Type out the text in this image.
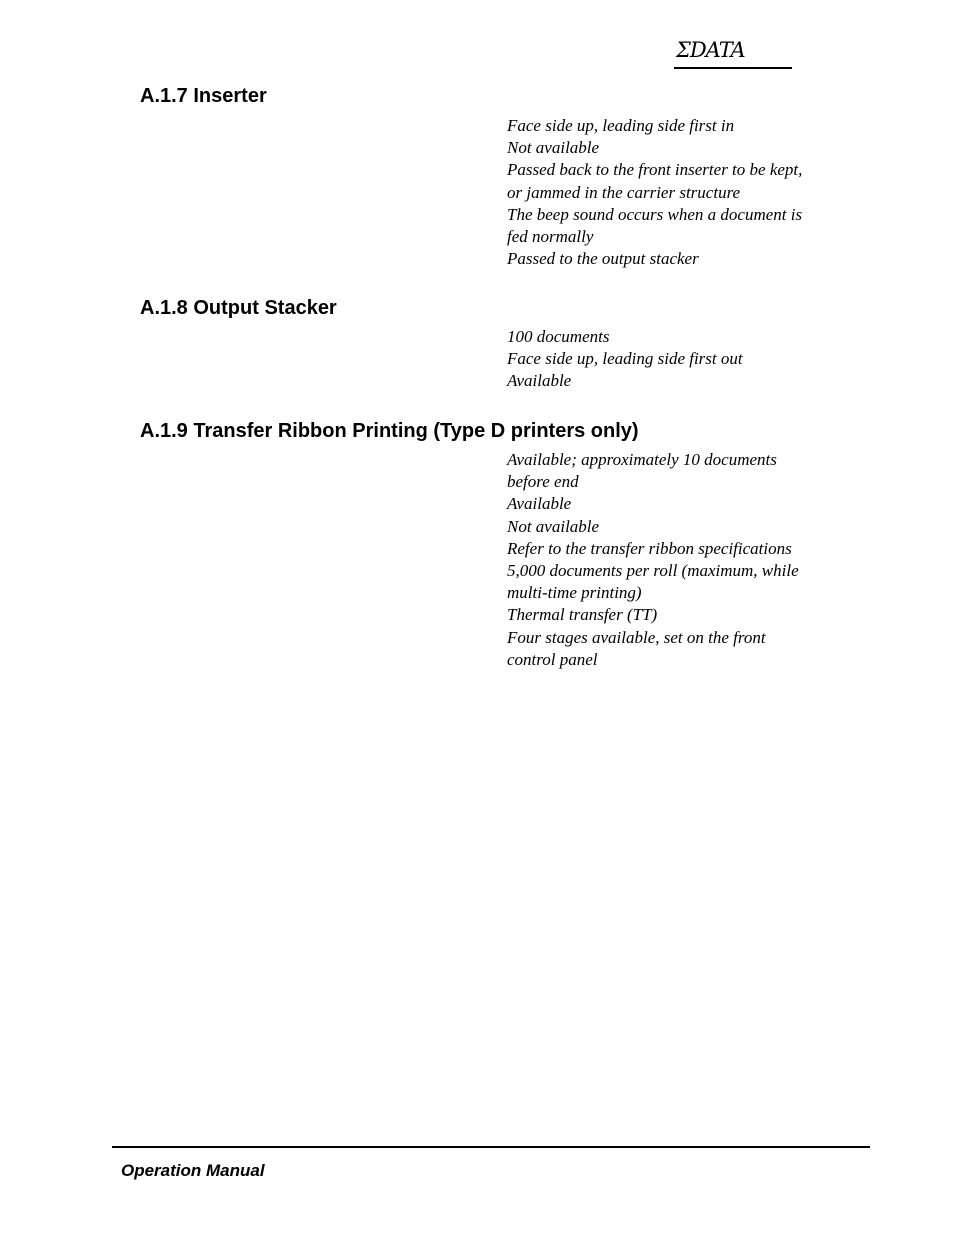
ΣDATA
A.1.7 Inserter
Face side up, leading side first in
Not available
Passed back to the front inserter to be kept,
or jammed in the carrier structure
The beep sound occurs when a document is
fed normally
Passed to the output stacker
A.1.8 Output Stacker
100 documents
Face side up, leading side first out
Available
A.1.9 Transfer Ribbon Printing (Type D printers only)
Available; approximately 10 documents
before end
Available
Not available
Refer to the transfer ribbon specifications
5,000 documents per roll (maximum, while
multi-time printing)
Thermal transfer (TT)
Four stages available, set on the front
control panel
Operation Manual
